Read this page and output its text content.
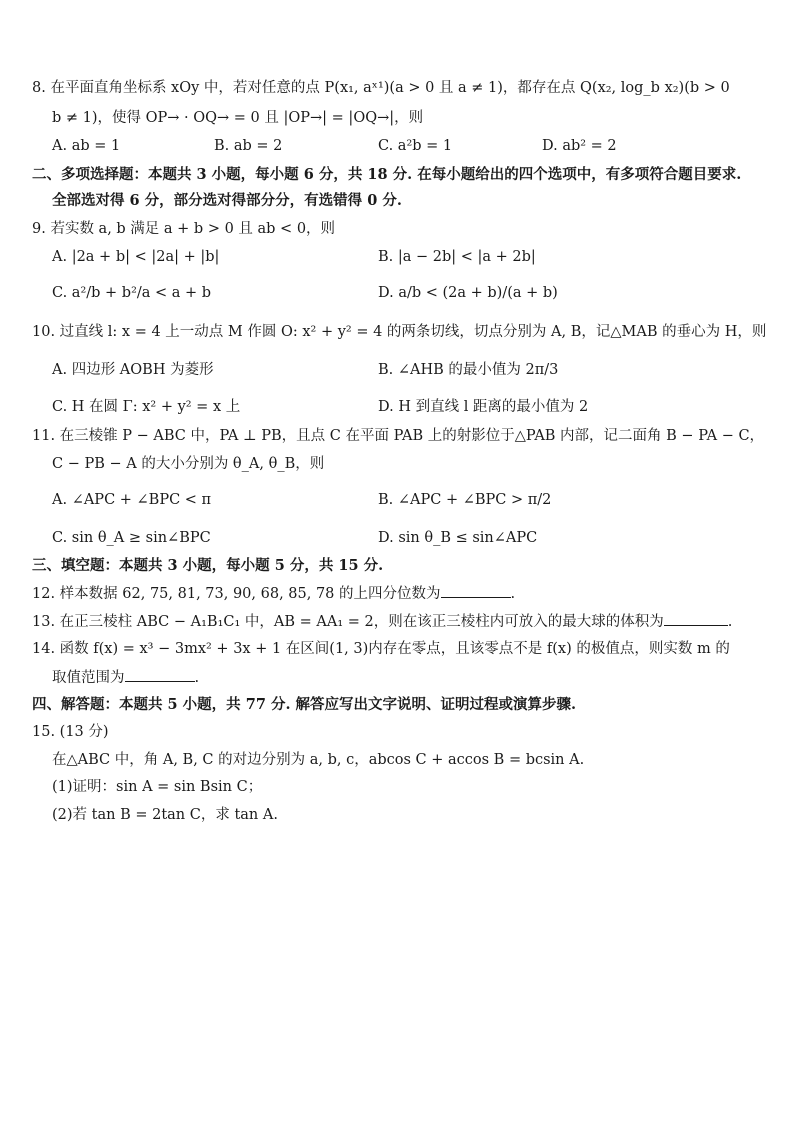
8. 在平面直角坐标系 xOy 中，若对任意的点 P(x₁, aˣ¹)(a > 0 且 a ≠ 1)，都存在点 Q(x₂, log_b x₂)(b > 0
b ≠ 1)，使得 OP→ · OQ→ = 0 且 |OP→| = |OQ→|，则
A. ab = 1	B. ab = 2	C. a²b = 1	D. ab² = 2
二、多项选择题：本题共 3 小题，每小题 6 分，共 18 分. 在每小题给出的四个选项中，有多项符合题目要求.
全部选对得 6 分，部分选对得部分分，有选错得 0 分.
9. 若实数 a, b 满足 a + b > 0 且 ab < 0，则
A. |2a + b| < |2a| + |b|	B. |a − 2b| < |a + 2b|
C. a²/b + b²/a < a + b	D. a/b < (2a + b)/(a + b)
10. 过直线 l: x = 4 上一动点 M 作圆 O: x² + y² = 4 的两条切线，切点分别为 A, B，记△MAB 的垂心为 H，则
A. 四边形 AOBH 为菱形	B. ∠AHB 的最小值为 2π/3
C. H 在圆 Γ: x² + y² = x 上	D. H 到直线 l 距离的最小值为 2
11. 在三棱锥 P − ABC 中，PA ⊥ PB，且点 C 在平面 PAB 上的射影位于△PAB 内部，记二面角 B − PA − C，
C − PB − A 的大小分别为 θ_A, θ_B，则
A. ∠APC + ∠BPC < π	B. ∠APC + ∠BPC > π/2
C. sin θ_A ≥ sin∠BPC	D. sin θ_B ≤ sin∠APC
三、填空题：本题共 3 小题，每小题 5 分，共 15 分.
12. 样本数据 62, 75, 81, 73, 90, 68, 85, 78 的上四分位数为	.
13. 在正三棱柱 ABC − A₁B₁C₁ 中，AB = AA₁ = 2，则在该正三棱柱内可放入的最大球的体积为	.
14. 函数 f(x) = x³ − 3mx² + 3x + 1 在区间(1, 3)内存在零点，且该零点不是 f(x) 的极值点，则实数 m 的
取值范围为	.
四、解答题：本题共 5 小题，共 77 分. 解答应写出文字说明、证明过程或演算步骤.
15. (13 分)
在△ABC 中，角 A, B, C 的对边分别为 a, b, c，abcos C + accos B = bcsin A.
(1)证明：sin A = sin Bsin C；
(2)若 tan B = 2tan C，求 tan A.
